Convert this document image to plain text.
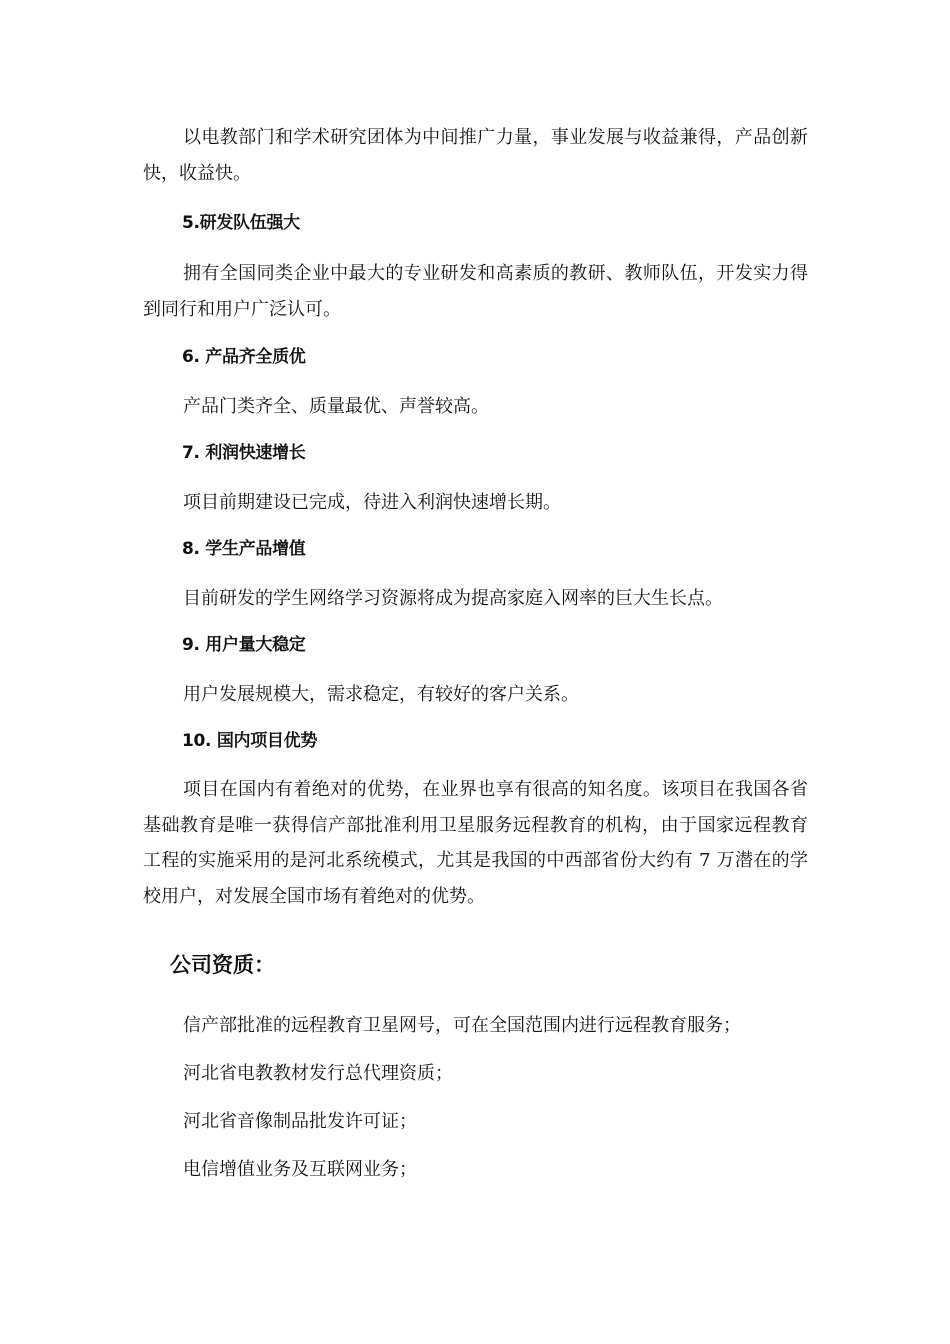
以电教部门和学术研究团体为中间推广力量，事业发展与收益兼得，产品创新快，收益快。

5.研发队伍强大

拥有全国同类企业中最大的专业研发和高素质的教研、教师队伍，开发实力得到同行和用户广泛认可。

6. 产品齐全质优

产品门类齐全、质量最优、声誉较高。

7. 利润快速增长

项目前期建设已完成，待进入利润快速增长期。

8. 学生产品增值

目前研发的学生网络学习资源将成为提高家庭入网率的巨大生长点。

9. 用户量大稳定

用户发展规模大，需求稳定，有较好的客户关系。

10. 国内项目优势

项目在国内有着绝对的优势，在业界也享有很高的知名度。该项目在我国各省基础教育是唯一获得信产部批准利用卫星服务远程教育的机构，由于国家远程教育工程的实施采用的是河北系统模式，尤其是我国的中西部省份大约有 7 万潜在的学校用户，对发展全国市场有着绝对的优势。

公司资质：

信产部批准的远程教育卫星网号，可在全国范围内进行远程教育服务；

河北省电教教材发行总代理资质；

河北省音像制品批发许可证；

电信增值业务及互联网业务；
